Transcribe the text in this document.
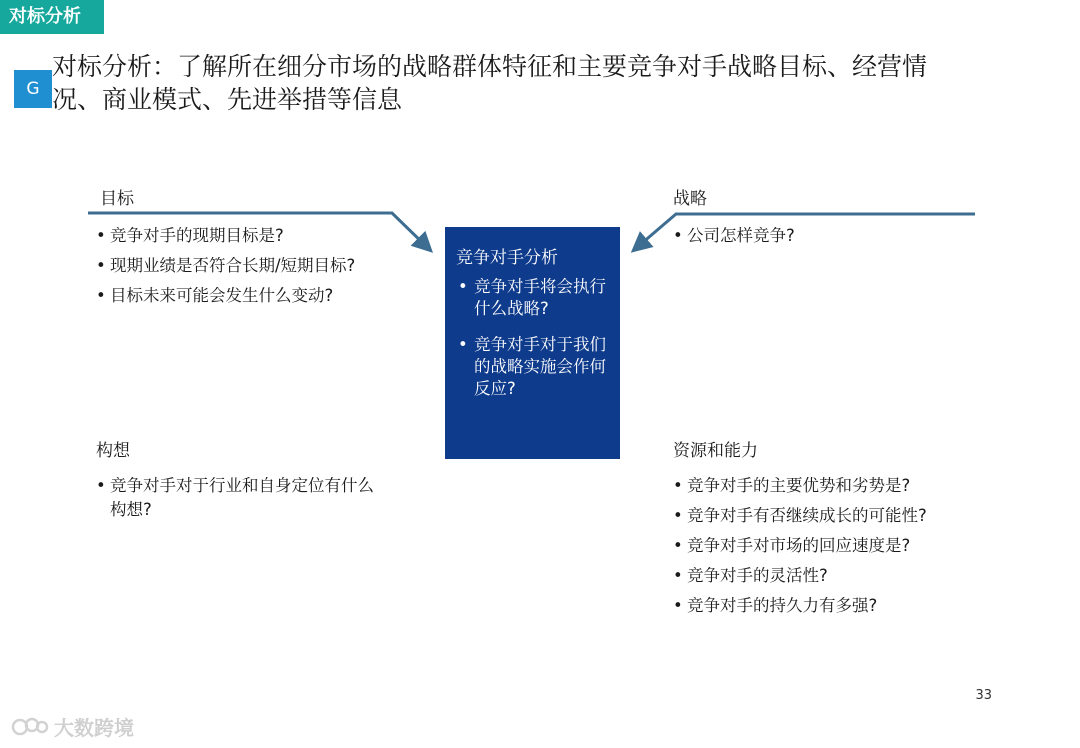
对标分析
G
对标分析：了解所在细分市场的战略群体特征和主要竞争对手战略目标、经营情
况、商业模式、先进举措等信息
目标
• 竞争对手的现期目标是?
• 现期业绩是否符合长期/短期目标?
• 目标未来可能会发生什么变动?
战略
• 公司怎样竞争?
竞争对手分析
• 竞争对手将会执行什么战略?
• 竞争对手对于我们的战略实施会作何反应?
构想
• 竞争对手对于行业和自身定位有什么构想?
资源和能力
• 竞争对手的主要优势和劣势是?
• 竞争对手有否继续成长的可能性?
• 竞争对手对市场的回应速度是?
• 竞争对手的灵活性?
• 竞争对手的持久力有多强?
33
大数跨境
